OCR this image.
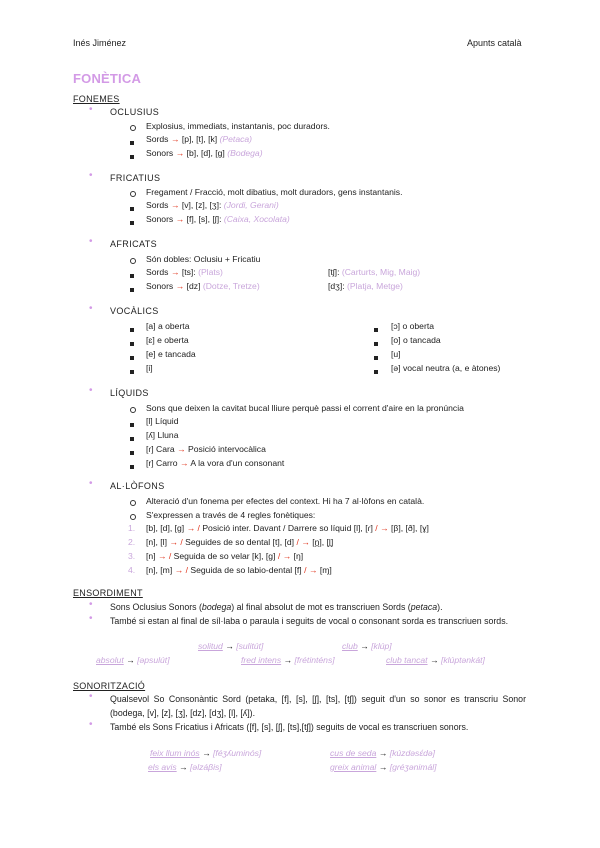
Inés Jiménez	Apunts català
FONÈTICA
FONEMES
• OCLUSIUS
Explosius, immediats, instantanis, poc duradors.
Sords → [p], [t], [k] (Petaca)
Sonors → [b], [d], [g] (Bodega)
• FRICATIUS
Fregament / Fracció, molt dibatius, molt duradors, gens instantanis.
Sords → [v], [z], [ʒ]: (Jordi, Gerani)
Sonors → [f], [s], [ʃ]: (Caixa, Xocolata)
• AFRICATS
Són dobles: Oclusiu + Fricatiu
Sords → [ts]: (Plats)	[tʃ]: (Carturts, Mig, Maig)
Sonors → [dz] (Dotze, Tretze)	[dʒ]: (Platja, Metge)
• VOCÀLICS
[a] a oberta
[ɛ] e oberta
[e] e tancada
[i]
[ɔ] o oberta
[o] o tancada
[u]
[ə] vocal neutra (a, e àtones)
• LÍQUIDS
Sons que deixen la cavitat bucal lliure perquè passi el corrent d'aire en la pronúncia
[l] Líquid
[ʎ] Lluna
[ɾ] Cara → Posició intervocàlica
[r] Carro → A la vora d'un consonant
• AL·LÒFONS
Alteració d'un fonema per efectes del context. Hi ha 7 al·lòfons en català.
S'expressen a través de 4 regles fonètiques:
1. [b], [d], [g] → / Posició inter. Davant / Darrere so líquid [l], [ɾ] / → [β], [ð], [ɣ]
2. [n], [l] → / Seguides de so dental [t], [d] / → [n̪], [l̪]
3. [n] → / Seguida de so velar [k], [g] / → [ŋ]
4. [n], [m] → / Seguida de so labio-dental [f] / → [ɱ]
ENSORDIMENT
• Sons Oclusius Sonors (bodega) al final absolut de mot es transcriuen Sords (petaca).
• També si estan al final de síl·laba o paraula i seguits de vocal o consonant sorda es transcriuen sords.
solitud → [sulitút]	club → [klúp]
absolut → [əpsulút]	fred intens → [fɾétinténs]	club tancat → [klúptənkát]
SONORITZACIÓ
• Qualsevol So Consonàntic Sord (petaka, [f], [s], [ʃ], [ts], [tʃ]) seguit d'un so sonor es transcriu Sonor (bodega, [v], [z], [ʒ], [dz], [dʒ], [l], [ʎ]).
• També els Sons Fricatius i Africats ([f], [s], [ʃ], [ts],[tʃ]) seguits de vocal es transcriuen sonors.
feix llum inós → [féʒʎuminós]	cus de seda → [kúzdəsɛ́də]
els avis → [əlzáβis]	greix animal → [ɡɾéʒənimál]
